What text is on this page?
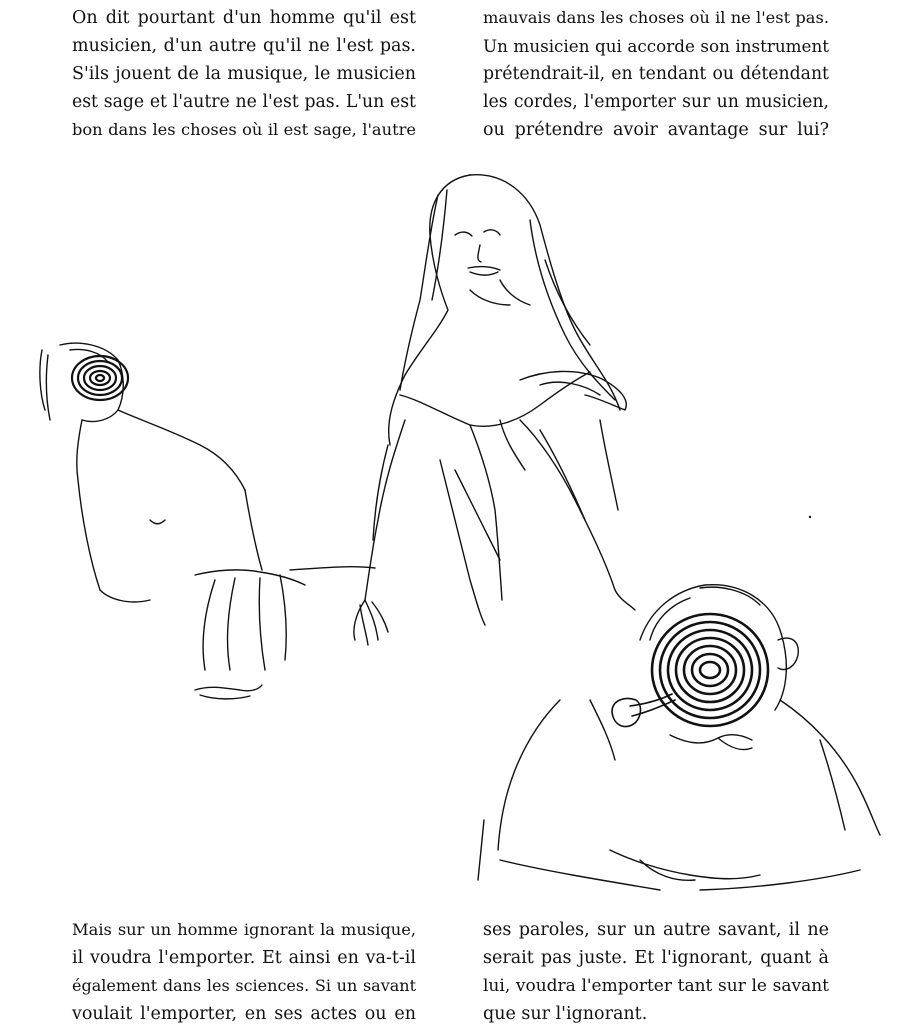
On dit pourtant d'un homme qu'il est
musicien, d'un autre qu'il ne l'est pas.
S'ils jouent de la musique, le musicien
est sage et l'autre ne l'est pas. L'un est
bon dans les choses où il est sage, l'autre
mauvais dans les choses où il ne l'est pas.
Un musicien qui accorde son instrument
prétendrait-il, en tendant ou détendant
les cordes, l'emporter sur un musicien,
ou prétendre avoir avantage sur lui?
Mais sur un homme ignorant la musique,
il voudra l'emporter. Et ainsi en va-t-il
également dans les sciences. Si un savant
voulait l'emporter, en ses actes ou en
ses paroles, sur un autre savant, il ne
serait pas juste. Et l'ignorant, quant à
lui, voudra l'emporter tant sur le savant
que sur l'ignorant.
